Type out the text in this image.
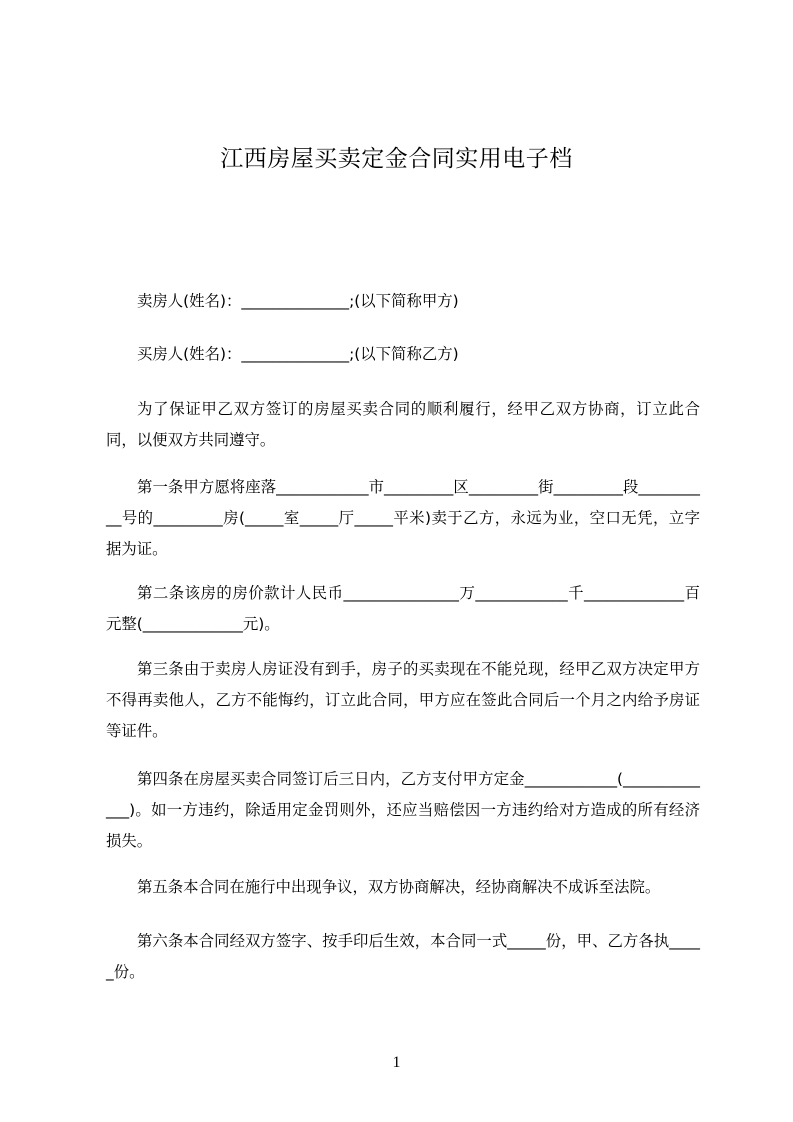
江西房屋买卖定金合同实用电子档
卖房人(姓名)：______________;(以下简称甲方)
买房人(姓名)：______________;(以下简称乙方)

为了保证甲乙双方签订的房屋买卖合同的顺利履行，经甲乙双方协商，订立此合同，以便双方共同遵守。

第一条甲方愿将座落____________市_________区_________街_________段__________号的_________房(_____室_____厅_____平米)卖于乙方，永远为业，空口无凭，立字据为证。

第二条该房的房价款计人民币_______________万____________千_____________百元整(_____________元)。

第三条由于卖房人房证没有到手，房子的买卖现在不能兑现，经甲乙双方决定甲方不得再卖他人，乙方不能悔约，订立此合同，甲方应在签此合同后一个月之内给予房证等证件。

第四条在房屋买卖合同签订后三日内，乙方支付甲方定金____________(_____________)。如一方违约，除适用定金罚则外，还应当赔偿因一方违约给对方造成的所有经济损失。

第五条本合同在施行中出现争议，双方协商解决，经协商解决不成诉至法院。

第六条本合同经双方签字、按手印后生效，本合同一式_____份，甲、乙方各执_____份。

1
